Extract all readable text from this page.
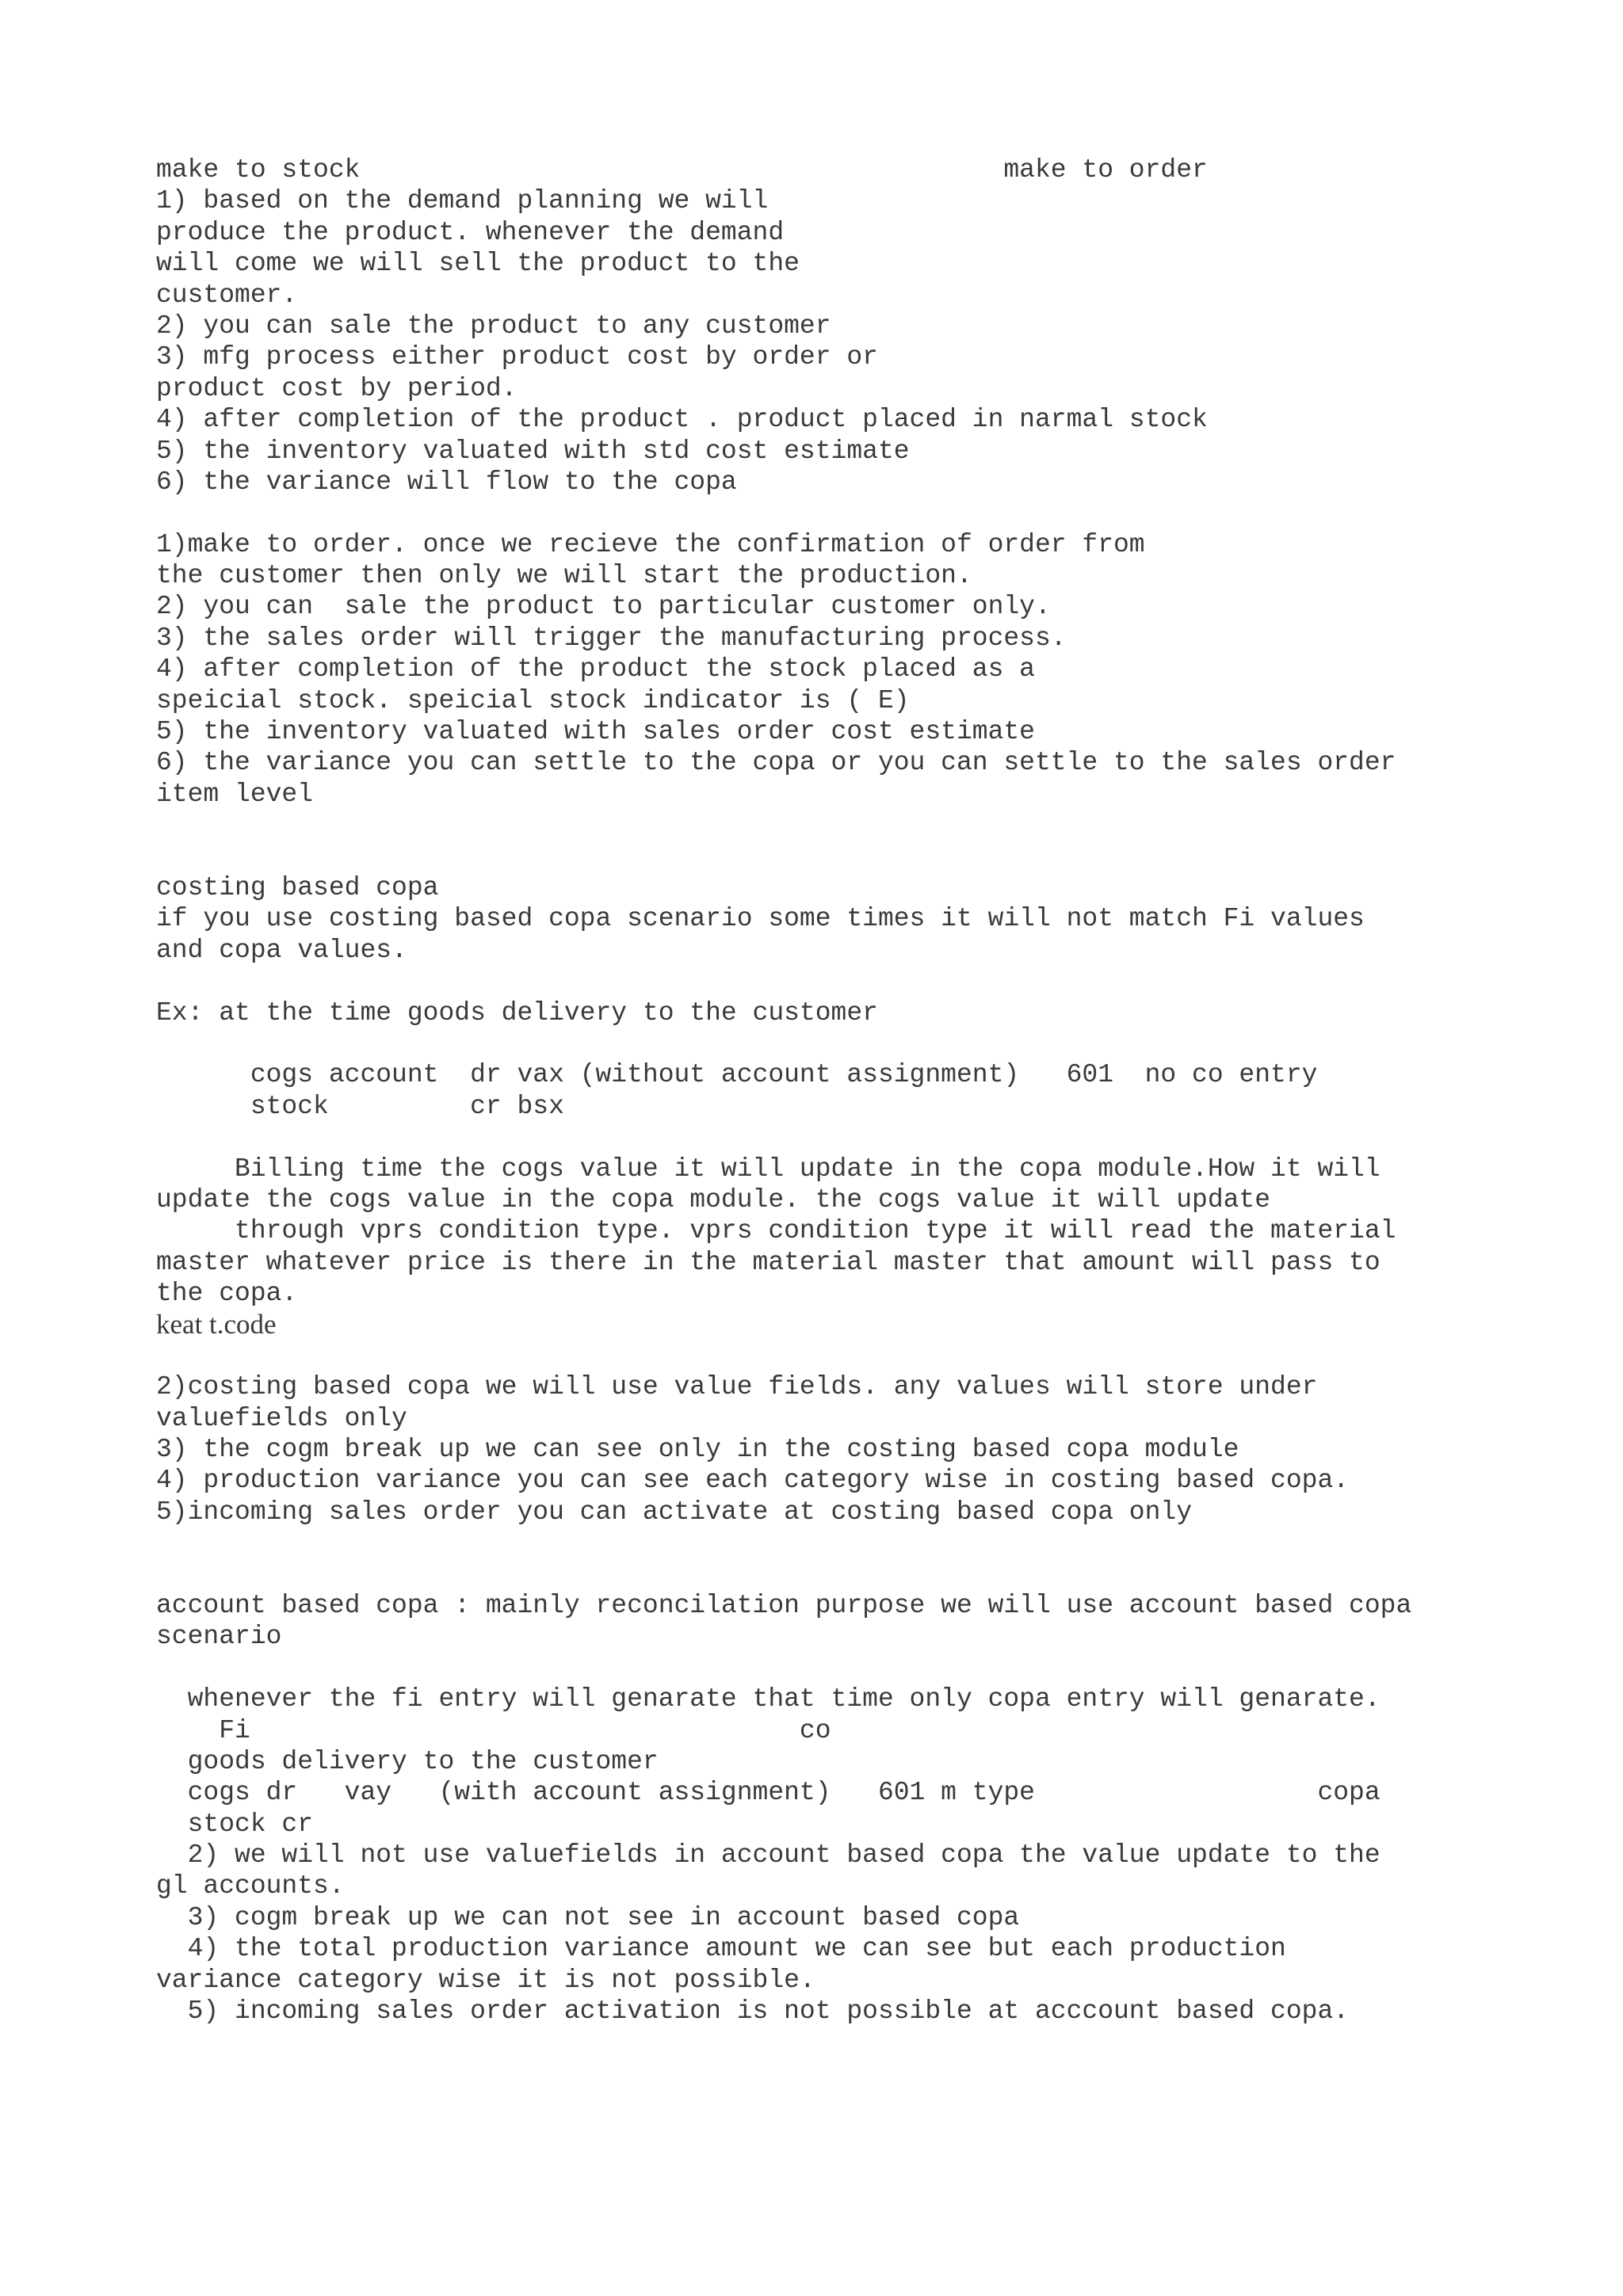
make to stock                                         make to order
1) based on the demand planning we will
produce the product. whenever the demand
will come we will sell the product to the
customer.
2) you can sale the product to any customer
3) mfg process either product cost by order or
product cost by period.
4) after completion of the product . product placed in narmal stock
5) the inventory valuated with std cost estimate
6) the variance will flow to the copa
1)make to order. once we recieve the confirmation of order from
the customer then only we will start the production.
2) you can  sale the product to particular customer only.
3) the sales order will trigger the manufacturing process.
4) after completion of the product the stock placed as a
speicial stock. speicial stock indicator is ( E)
5) the inventory valuated with sales order cost estimate
6) the variance you can settle to the copa or you can settle to the sales order
item level
costing based copa
if you use costing based copa scenario some times it will not match Fi values
and copa values.
Ex: at the time goods delivery to the customer
cogs account  dr vax (without account assignment)   601  no co entry
stock         cr bsx
Billing time the cogs value it will update in the copa module.How it will
update the cogs value in the copa module. the cogs value it will update
through vprs condition type. vprs condition type it will read the material
master whatever price is there in the material master that amount will pass to
the copa.
keat t.code
2)costing based copa we will use value fields. any values will store under
valuefields only
3) the cogm break up we can see only in the costing based copa module
4) production variance you can see each category wise in costing based copa.
5)incoming sales order you can activate at costing based copa only
account based copa : mainly reconcilation purpose we will use account based copa
scenario
whenever the fi entry will genarate that time only copa entry will genarate.
Fi                                   co
goods delivery to the customer
cogs dr   vay   (with account assignment)   601 m type                  copa
stock cr
2) we will not use valuefields in account based copa the value update to the
gl accounts.
3) cogm break up we can not see in account based copa
4) the total production variance amount we can see but each production
variance category wise it is not possible.
5) incoming sales order activation is not possible at acccount based copa.
